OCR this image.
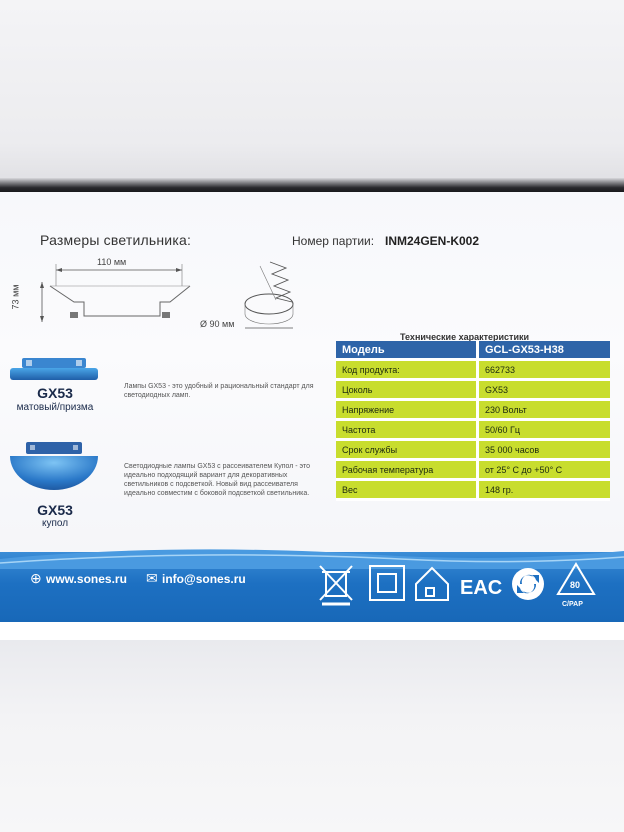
Размеры светильника:	Номер партии: INM24GEN-K002
110 мм
73 мм
Ø 90 мм
GX53
матовый/призма
Лампы GX53 - это удобный и рациональный стандарт для светодиодных ламп.
GX53
купол
Светодиодные лампы GX53 с рассеивателем Купол - это идеально подходящий вариант для декоративных светильников с подсветкой. Новый вид рассеивателя идеально совместим с боковой подсветкой светильника.
Технические характеристики
Модель	GCL-GX53-H38
Код продукта:	662733
Цоколь	GX53
Напряжение	230 Вольт
Частота	50/60 Гц
Срок службы	35 000 часов
Рабочая температура	от 25° С до +50° С
Вес	148 гр.
⊕ www.sones.ru ✉ info@sones.ru	EAC	80
C/PAP
